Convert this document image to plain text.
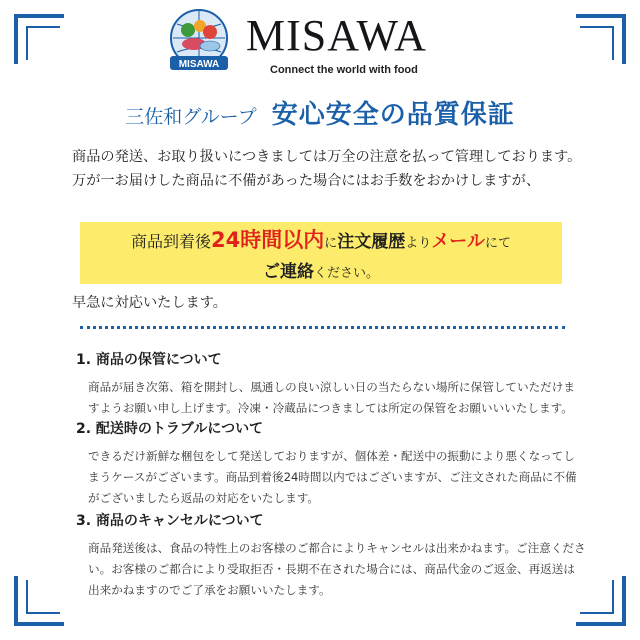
MISAWA
MISAWA
Connect the world with food
三佐和グループ 安心安全の品質保証
商品の発送、お取り扱いにつきましては万全の注意を払って管理しております。万が一お届けした商品に不備があった場合にはお手数をおかけしますが、
商品到着後24時間以内に注文履歴よりメールにて
ご連絡ください。
早急に対応いたします。
1. 商品の保管について

商品が届き次第、箱を開封し、風通しの良い涼しい日の当たらない場所に保管していただけますようお願い申し上げます。冷凍・冷蔵品につきましては所定の保管をお願いいいたします。

2. 配送時のトラブルについて

できるだけ新鮮な梱包をして発送しておりますが、個体差・配送中の振動により悪くなってしまうケースがございます。商品到着後24時間以内ではございますが、ご注文された商品に不備がございましたら返品の対応をいたします。

3. 商品のキャンセルについて

商品発送後は、食品の特性上のお客様のご都合によりキャンセルは出来かねます。ご注意ください。お客様のご都合により受取拒否・長期不在された場合には、商品代金のご返金、再返送は出来かねますのでご了承をお願いいたします。
